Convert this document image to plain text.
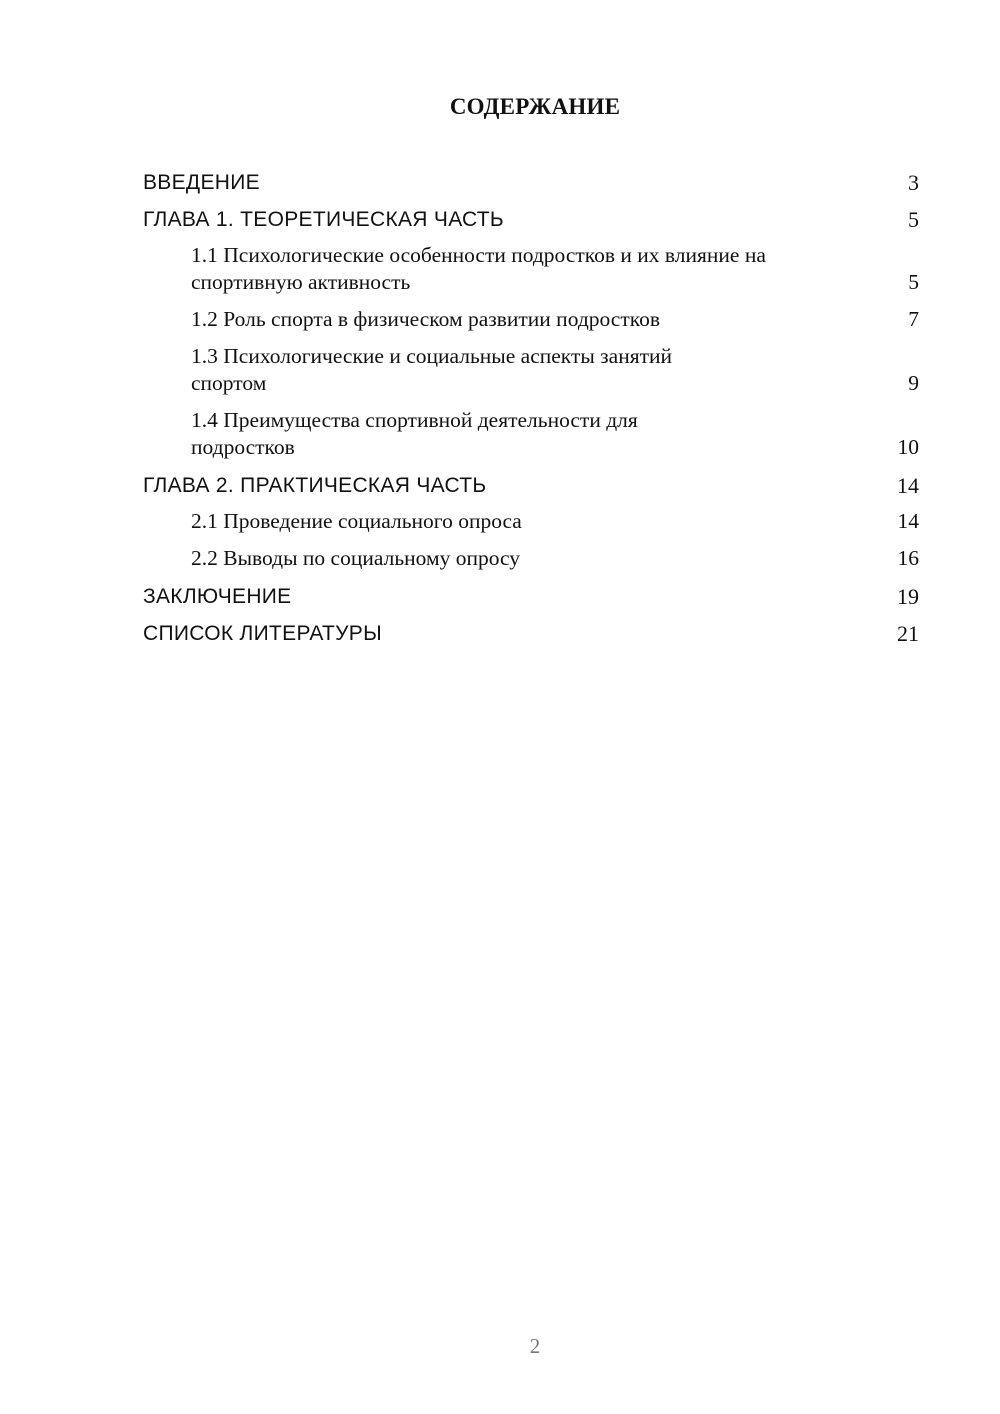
СОДЕРЖАНИЕ
ВВЕДЕНИЕ	3
ГЛАВА 1. ТЕОРЕТИЧЕСКАЯ ЧАСТЬ	5
1.1 Психологические особенности подростков и их влияние на спортивную активность	5
1.2 Роль спорта в физическом развитии подростков	7
1.3 Психологические и социальные аспекты занятий спортом	9
1.4 Преимущества спортивной деятельности для подростков	10
ГЛАВА 2. ПРАКТИЧЕСКАЯ ЧАСТЬ	14
2.1 Проведение социального опроса	14
2.2 Выводы по социальному опросу	16
ЗАКЛЮЧЕНИЕ	19
СПИСОК ЛИТЕРАТУРЫ	21
2
